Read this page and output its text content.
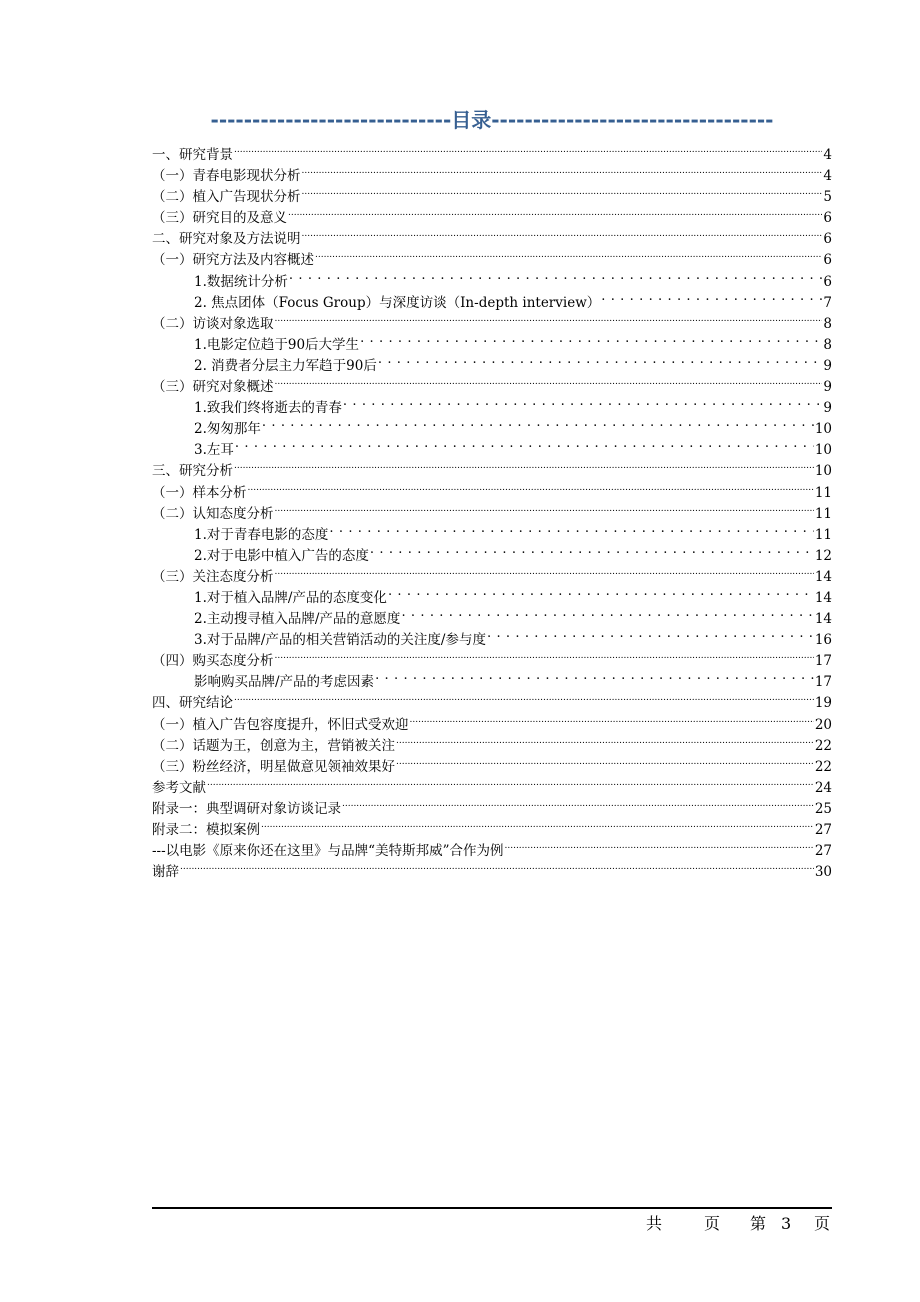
-----------------------------目录----------------------------------
一、研究背景 .....	4
（一）青春电影现状分析 .....	4
（二）植入广告现状分析 .....	5
（三）研究目的及意义 .....	6
二、研究对象及方法说明 .....	6
（一）研究方法及内容概述 .....	6
1.数据统计分析 . . .	6
2. 焦点团体（Focus Group）与深度访谈（In-depth interview） . . .	7
（二）访谈对象选取 .....	8
1.电影定位趋于90后大学生 . . .	8
2. 消费者分层主力军趋于90后 . . .	9
（三）研究对象概述 .....	9
1.致我们终将逝去的青春 . . .	9
2.匆匆那年 . . .	10
3.左耳 . . .	10
三、研究分析 .....	10
（一）样本分析 .....	11
（二）认知态度分析 .....	11
1.对于青春电影的态度 . . .	11
2.对于电影中植入广告的态度 . . .	12
（三）关注态度分析 .....	14
1.对于植入品牌/产品的态度变化 . . .	14
2.主动搜寻植入品牌/产品的意愿度 . . .	14
3.对于品牌/产品的相关营销活动的关注度/参与度 . . .	16
（四）购买态度分析 .....	17
影响购买品牌/产品的考虑因素 . . .	17
四、研究结论 .....	19
（一）植入广告包容度提升，怀旧式受欢迎 .....	20
（二）话题为王，创意为主，营销被关注 .....	22
（三）粉丝经济，明星做意见领袖效果好 .....	22
参考文献 .....	24
附录一：典型调研对象访谈记录 .....	25
附录二：模拟案例 .....	27
---以电影《原来你还在这里》与品牌“美特斯邦威”合作为例 .....	27
谢辞 .....	30
共	页 第 3 页
